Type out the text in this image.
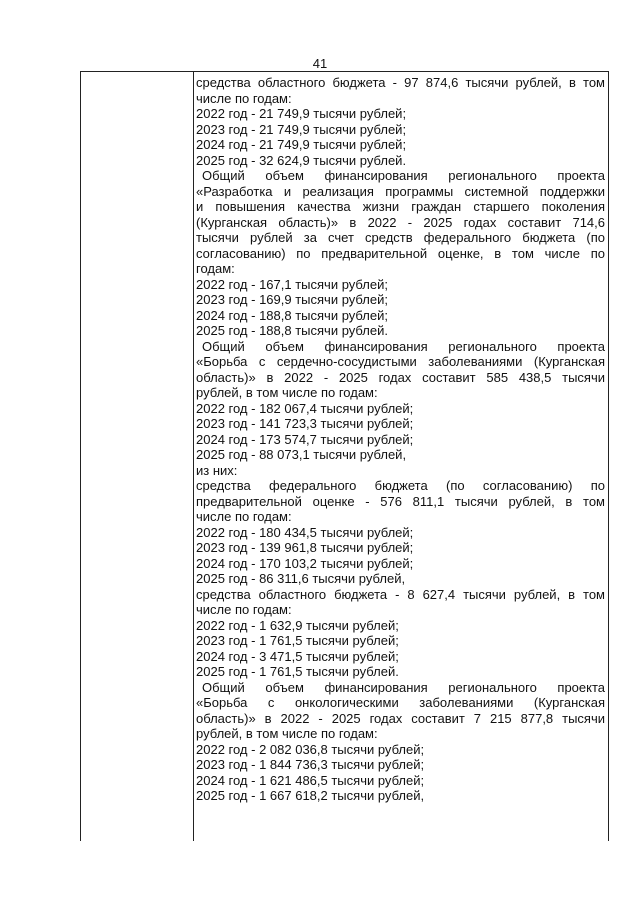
41
средства областного бюджета - 97 874,6 тысячи рублей, в том
числе по годам:
2022 год - 21 749,9 тысячи рублей;
2023 год - 21 749,9 тысячи рублей;
2024 год - 21 749,9 тысячи рублей;
2025 год - 32 624,9 тысячи рублей.
Общий объем финансирования регионального проекта
«Разработка и реализация программы системной поддержки
и повышения качества жизни граждан старшего поколения
(Курганская область)» в 2022 - 2025 годах составит 714,6
тысячи рублей за счет средств федерального бюджета (по
согласованию) по предварительной оценке, в том числе по
годам:
2022 год - 167,1 тысячи рублей;
2023 год - 169,9 тысячи рублей;
2024 год - 188,8 тысячи рублей;
2025 год - 188,8 тысячи рублей.
Общий объем финансирования регионального проекта
«Борьба с сердечно-сосудистыми заболеваниями (Курганская
область)» в 2022 - 2025 годах составит 585 438,5 тысячи
рублей, в том числе по годам:
2022 год - 182 067,4 тысячи рублей;
2023 год - 141 723,3 тысячи рублей;
2024 год - 173 574,7 тысячи рублей;
2025 год - 88 073,1 тысячи рублей,
из них:
средства федерального бюджета (по согласованию) по
предварительной оценке - 576 811,1 тысячи рублей, в том
числе по годам:
2022 год - 180 434,5 тысячи рублей;
2023 год - 139 961,8 тысячи рублей;
2024 год - 170 103,2 тысячи рублей;
2025 год - 86 311,6 тысячи рублей,
средства областного бюджета - 8 627,4 тысячи рублей, в том
числе по годам:
2022 год - 1 632,9 тысячи рублей;
2023 год - 1 761,5 тысячи рублей;
2024 год - 3 471,5 тысячи рублей;
2025 год - 1 761,5 тысячи рублей.
Общий объем финансирования регионального проекта
«Борьба с онкологическими заболеваниями (Курганская
область)» в 2022 - 2025 годах составит 7 215 877,8 тысячи
рублей, в том числе по годам:
2022 год - 2 082 036,8 тысячи рублей;
2023 год - 1 844 736,3 тысячи рублей;
2024 год - 1 621 486,5 тысячи рублей;
2025 год - 1 667 618,2 тысячи рублей,
